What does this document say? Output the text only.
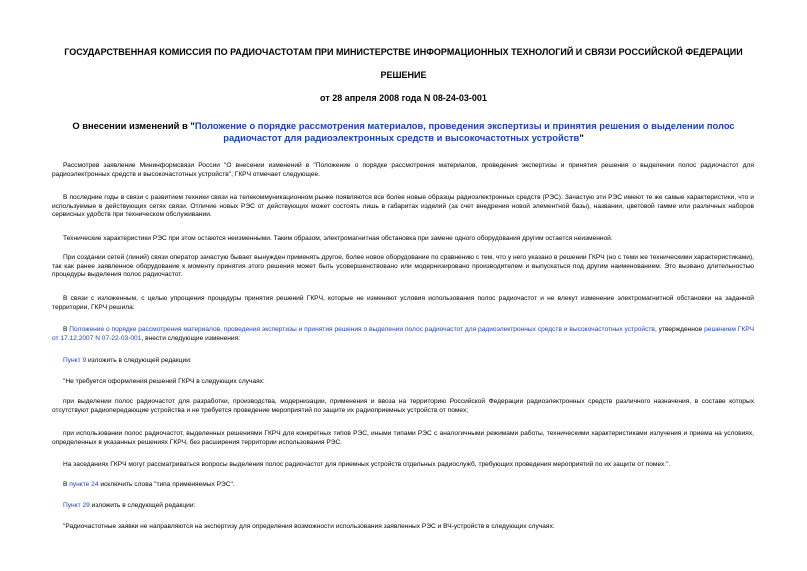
ГОСУДАРСТВЕННАЯ КОМИССИЯ ПО РАДИОЧАСТОТАМ ПРИ МИНИСТЕРСТВЕ ИНФОРМАЦИОННЫХ ТЕХНОЛОГИЙ И СВЯЗИ РОССИЙСКОЙ ФЕДЕРАЦИИ

РЕШЕНИЕ

от 28 апреля 2008 года N 08-24-03-001

О внесении изменений в "Положение о порядке рассмотрения материалов, проведения экспертизы и принятия решения о выделении полос радиочастот для радиоэлектронных средств и высокочастотных устройств"

Рассмотрев заявление Мининформсвязи России "О внесении изменений в "Положение о порядке рассмотрения материалов, проведения экспертизы и принятия решения о выделении полос радиочастот для радиоэлектронных средств и высокочастотных устройств", ГКРЧ отмечает следующее.

В последние годы в связи с развитием техники связи на телекоммуникационном рынке появляются все более новые образцы радиоэлектронных средств (РЭС). Зачастую эти РЭС имеют те же самые характеристики, что и используемые в действующих сетях связи. Отличие новых РЭС от действующих может состоять лишь в габаритах изделий (за счет внедрения новой элементной базы), названии, цветовой гамме или различных наборов сервисных удобств при техническом обслуживании.

Технические характеристики РЭС при этом остаются неизменными. Таким образом, электромагнитная обстановка при замене одного оборудования другим остается неизменной.

При создании сетей (линий) связи оператор зачастую бывает вынужден применять другое, более новое оборудование по сравнению с тем, что у него указано в решении ГКРЧ (но с теми же техническими характеристиками), так как ранее заявленное оборудование к моменту принятия этого решения может быть усовершенствовано или модернизировано производителем и выпускаться под другим наименованием. Это вызвано длительностью процедуры выделения полос радиочастот.

В связи с изложенным, с целью упрощения процедуры принятия решений ГКРЧ, которые не изменяют условия использования полос радиочастот и не влекут изменение электромагнитной обстановки на заданной территории, ГКРЧ решила:

В Положение о порядке рассмотрения материалов, проведения экспертизы и принятия решения о выделении полос радиочастот для радиоэлектронных средств и высокочастотных устройств, утвержденное решением ГКРЧ от 17.12.2007 N 07-22-03-001, внести следующие изменения:

Пункт 9 изложить в следующей редакции:

"Не требуется оформления решений ГКРЧ в следующих случаях:

при выделении полос радиочастот для разработки, производства, модернизации, применения и ввоза на территорию Российской Федерации радиоэлектронных средств различного назначения, в составе которых отсутствуют радиопередающие устройства и не требуется проведение мероприятий по защите их радиоприемных устройств от помех;

при использовании полос радиочастот, выделенных решениями ГКРЧ для конкретных типов РЭС, иными типами РЭС с аналогичными режимами работы, техническими характеристиками излучения и приема на условиях, определенных в указанных решениях ГКРЧ, без расширения территории использования РЭС.

На заседаниях ГКРЧ могут рассматриваться вопросы выделения полос радиочастот для приемных устройств отдельных радиослужб, требующих проведения мероприятий по их защите от помех.".

В пункте 24 исключить слова "типа применяемых РЭС".

Пункт 29 изложить в следующей редакции:

"Радиочастотные заявки не направляются на экспертизу для определения возможности использования заявленных РЭС и ВЧ-устройств в следующих случаях:
